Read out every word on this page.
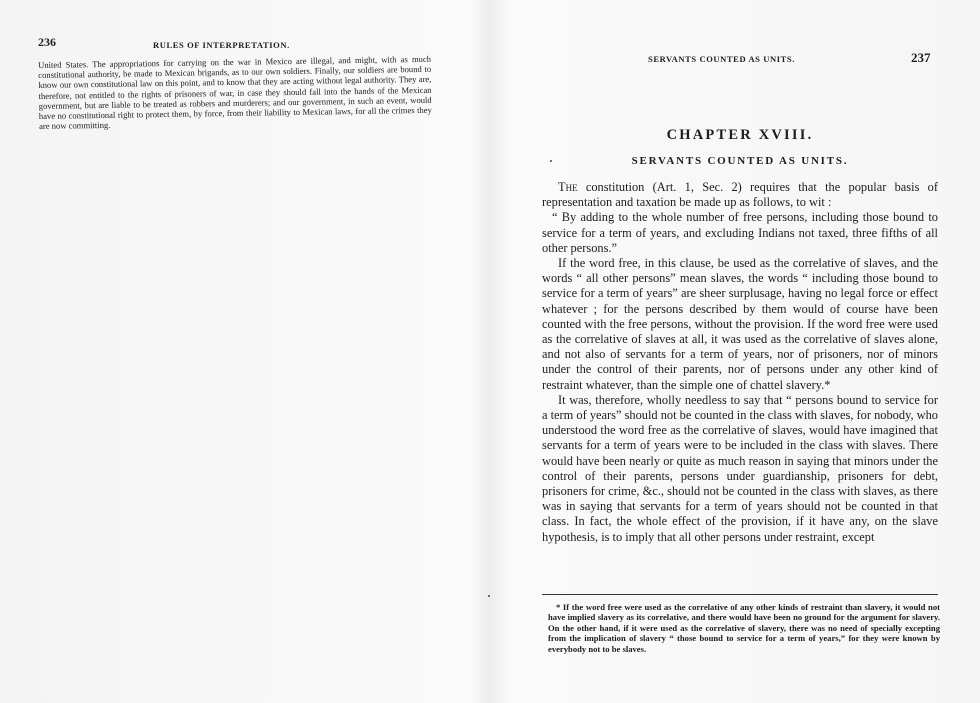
236	RULES OF INTERPRETATION.
United States. The appropriations for carrying on the war in Mexico are illegal, and might, with as much constitutional authority, be made to Mexican brigands, as to our own soldiers. Finally, our soldiers are bound to know our own constitutional law on this point, and to know that they are acting without legal authority. They are, therefore, not entitled to the rights of prisoners of war, in case they should fall into the hands of the Mexican government, but are liable to be treated as robbers and murderers; and our government, in such an event, would have no constitutional right to protect them, by force, from their liability to Mexican laws, for all the crimes they are now committing.
SERVANTS COUNTED AS UNITS.	237
CHAPTER XVIII.
SERVANTS COUNTED AS UNITS.

The constitution (Art. 1, Sec. 2) requires that the popular basis of representation and taxation be made up as follows, to wit :

“ By adding to the whole number of free persons, including those bound to service for a term of years, and excluding Indians not taxed, three fifths of all other persons.”

If the word free, in this clause, be used as the correlative of slaves, and the words “ all other persons” mean slaves, the words “ including those bound to service for a term of years” are sheer surplusage, having no legal force or effect whatever ; for the persons described by them would of course have been counted with the free persons, without the provision. If the word free were used as the correlative of slaves at all, it was used as the correlative of slaves alone, and not also of servants for a term of years, nor of prisoners, nor of minors under the control of their parents, nor of persons under any other kind of restraint whatever, than the simple one of chattel slavery.*

It was, therefore, wholly needless to say that “ persons bound to service for a term of years” should not be counted in the class with slaves, for nobody, who understood the word free as the correlative of slaves, would have imagined that servants for a term of years were to be included in the class with slaves. There would have been nearly or quite as much reason in saying that minors under the control of their parents, persons under guardianship, prisoners for debt, prisoners for crime, &c., should not be counted in the class with slaves, as there was in saying that servants for a term of years should not be counted in that class. In fact, the whole effect of the provision, if it have any, on the slave hypothesis, is to imply that all other persons under restraint, except

* If the word free were used as the correlative of any other kinds of restraint than slavery, it would not have implied slavery as its correlative, and there would have been no ground for the argument for slavery. On the other hand, if it were used as the correlative of slavery, there was no need of specially excepting from the implication of slavery “ those bound to service for a term of years,” for they were known by everybody not to be slaves.
